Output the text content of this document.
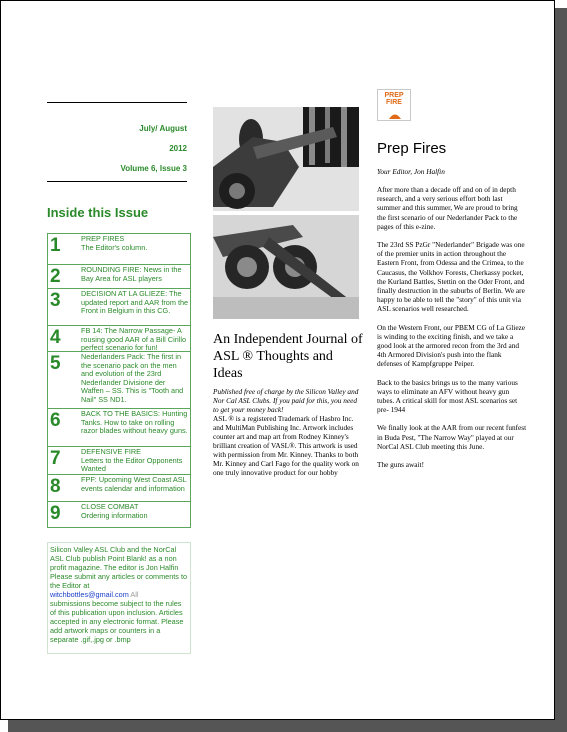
July/ August
2012
Volume 6, Issue 3
Inside this Issue
1	PREP FIRES
The Editor's column.
2	ROUNDING FIRE: News in the Bay Area for ASL players
3	DECISION AT LA GLIEZE: The updated report and AAR from the Front in Belgium in this CG.
4	FB 14: The Narrow Passage- A rousing good AAR of a Bill Cirillo perfect scenario for fun!
5	Nederlanders Pack: The first in the scenario pack on the men and evolution of the 23rd Nederlander Divisione der Waffen – SS. This is "Tooth and Nail" SS ND1.
6	BACK TO THE BASICS: Hunting Tanks. How to take on rolling razor blades without heavy guns.
7	DEFENSIVE FIRE
Letters to the Editor Opponents Wanted
8	FPF: Upcoming West Coast ASL events calendar and information
9	CLOSE COMBAT
Ordering information
Silicon Valley ASL Club and the NorCal ASL Club publish Point Blank! as a non profit magazine. The editor is Jon Halfin
Please submit any articles or comments to the Editor at
witchbottles@gmail.com All
submissions become subject to the rules of this publication upon inclusion. Articles accepted in any electronic format. Please add artwork maps or counters in a separate .gif,.jpg or .bmp
An Independent Journal of ASL ® Thoughts and Ideas
Published free of charge by the Silicon Valley and Nor Cal ASL Clubs. If you paid for this, you need to get your money back!
ASL ® is a registered Trademark of Hasbro Inc. and MultiMan Publishing Inc. Artwork includes counter art and map art from Rodney Kinney's brilliant creation of VASL®. This artwork is used with permission from Mr. Kinney. Thanks to both Mr. Kinney and Carl Fago for the quality work on one truly innovative product for our hobby
PREP
FIRE
Prep Fires
Your Editor, Jon Halfin

After more than a decade off and on of in depth research, and a very serious effort both last summer and this summer, We are proud to bring the first scenario of our Nederlander Pack to the pages of this e-zine.

The 23rd SS PzGr "Nederlander" Brigade was one of the premier units in action throughout the Eastern Front, from Odessa and the Crimea, to the Caucasus, the Volkhov Forests, Cherkassy pocket, the Kurland Battles, Stettin on the Oder Front, and finally destruction in the suburbs of Berlin. We are happy to be able to tell the "story" of this unit via ASL scenarios well researched.

On the Western Front, our PBEM CG of La Glieze is winding to the exciting finish, and we take a good look at the armored recon from the 3rd and 4th Armored Division's push into the flank defenses of Kampfgruppe Peiper.

Back to the basics brings us to the many various ways to eliminate an AFV without heavy gun tubes. A critical skill for most ASL scenarios set pre- 1944

We finally look at the AAR from our recent funfest in Buda Pest, "The Narrow Way" played at our NorCal ASL Club meeting this June.

The guns await!
